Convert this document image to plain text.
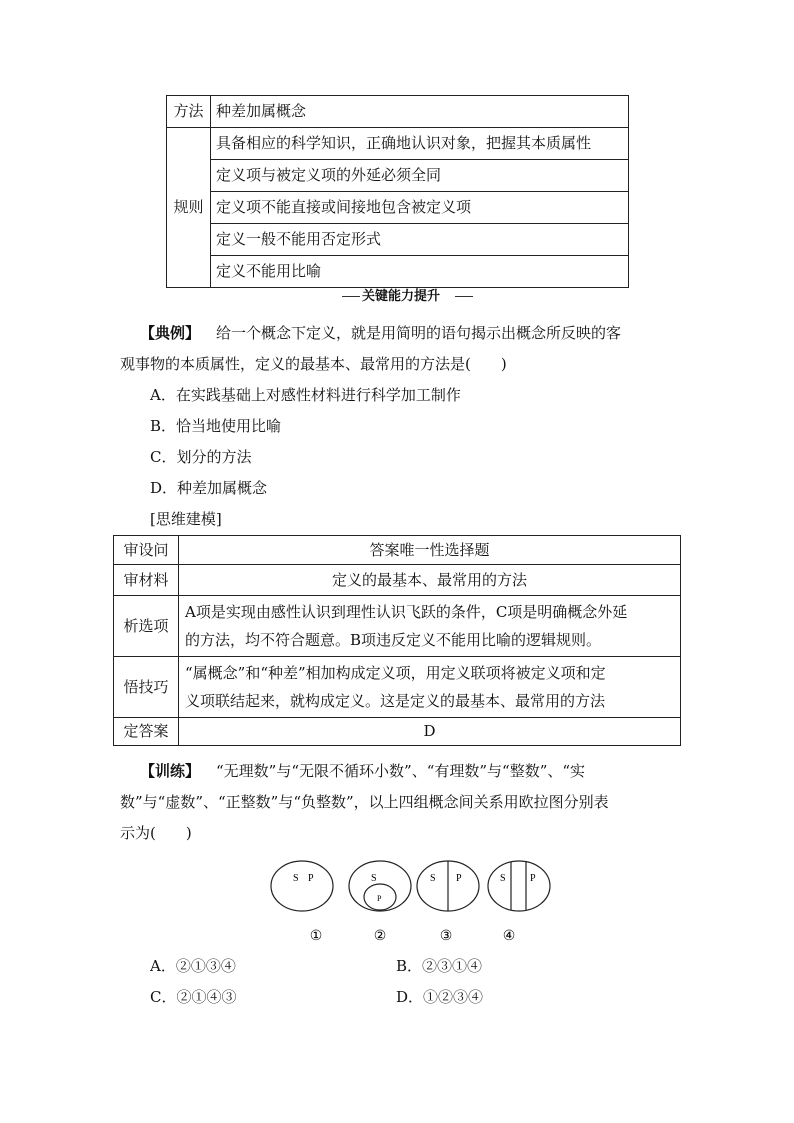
方法	种差加属概念
规则	具备相应的科学知识，正确地认识对象，把握其本质属性
	定义项与被定义项的外延必须全同
	定义项不能直接或间接地包含被定义项
	定义一般不能用否定形式
	定义不能用比喻
关键能力提升
【典例】 给一个概念下定义，就是用简明的语句揭示出概念所反映的客
观事物的本质属性，定义的最基本、最常用的方法是(　　)
A．在实践基础上对感性材料进行科学加工制作
B．恰当地使用比喻
C．划分的方法
D．种差加属概念
[思维建模]
审设问	答案唯一性选择题
审材料	定义的最基本、最常用的方法
析选项	A项是实现由感性认识到理性认识飞跃的条件，C项是明确概念外延
的方法，均不符合题意。B项违反定义不能用比喻的逻辑规则。

悟技巧	“属概念”和“种差”相加构成定义项，用定义联项将被定义项和定
义项联结起来，就构成定义。这是定义的最基本、最常用的方法

定答案	D
【训练】 “无理数”与“无限不循环小数”、“有理数”与“整数”、“实
数”与“虚数”、“正整数”与“负整数”，以上四组概念间关系用欧拉图分别表
示为(　　)
S P
①
S
P
②
S P
③
S P
④
A．②①③④	B．②③①④
C．②①④③	D．①②③④
